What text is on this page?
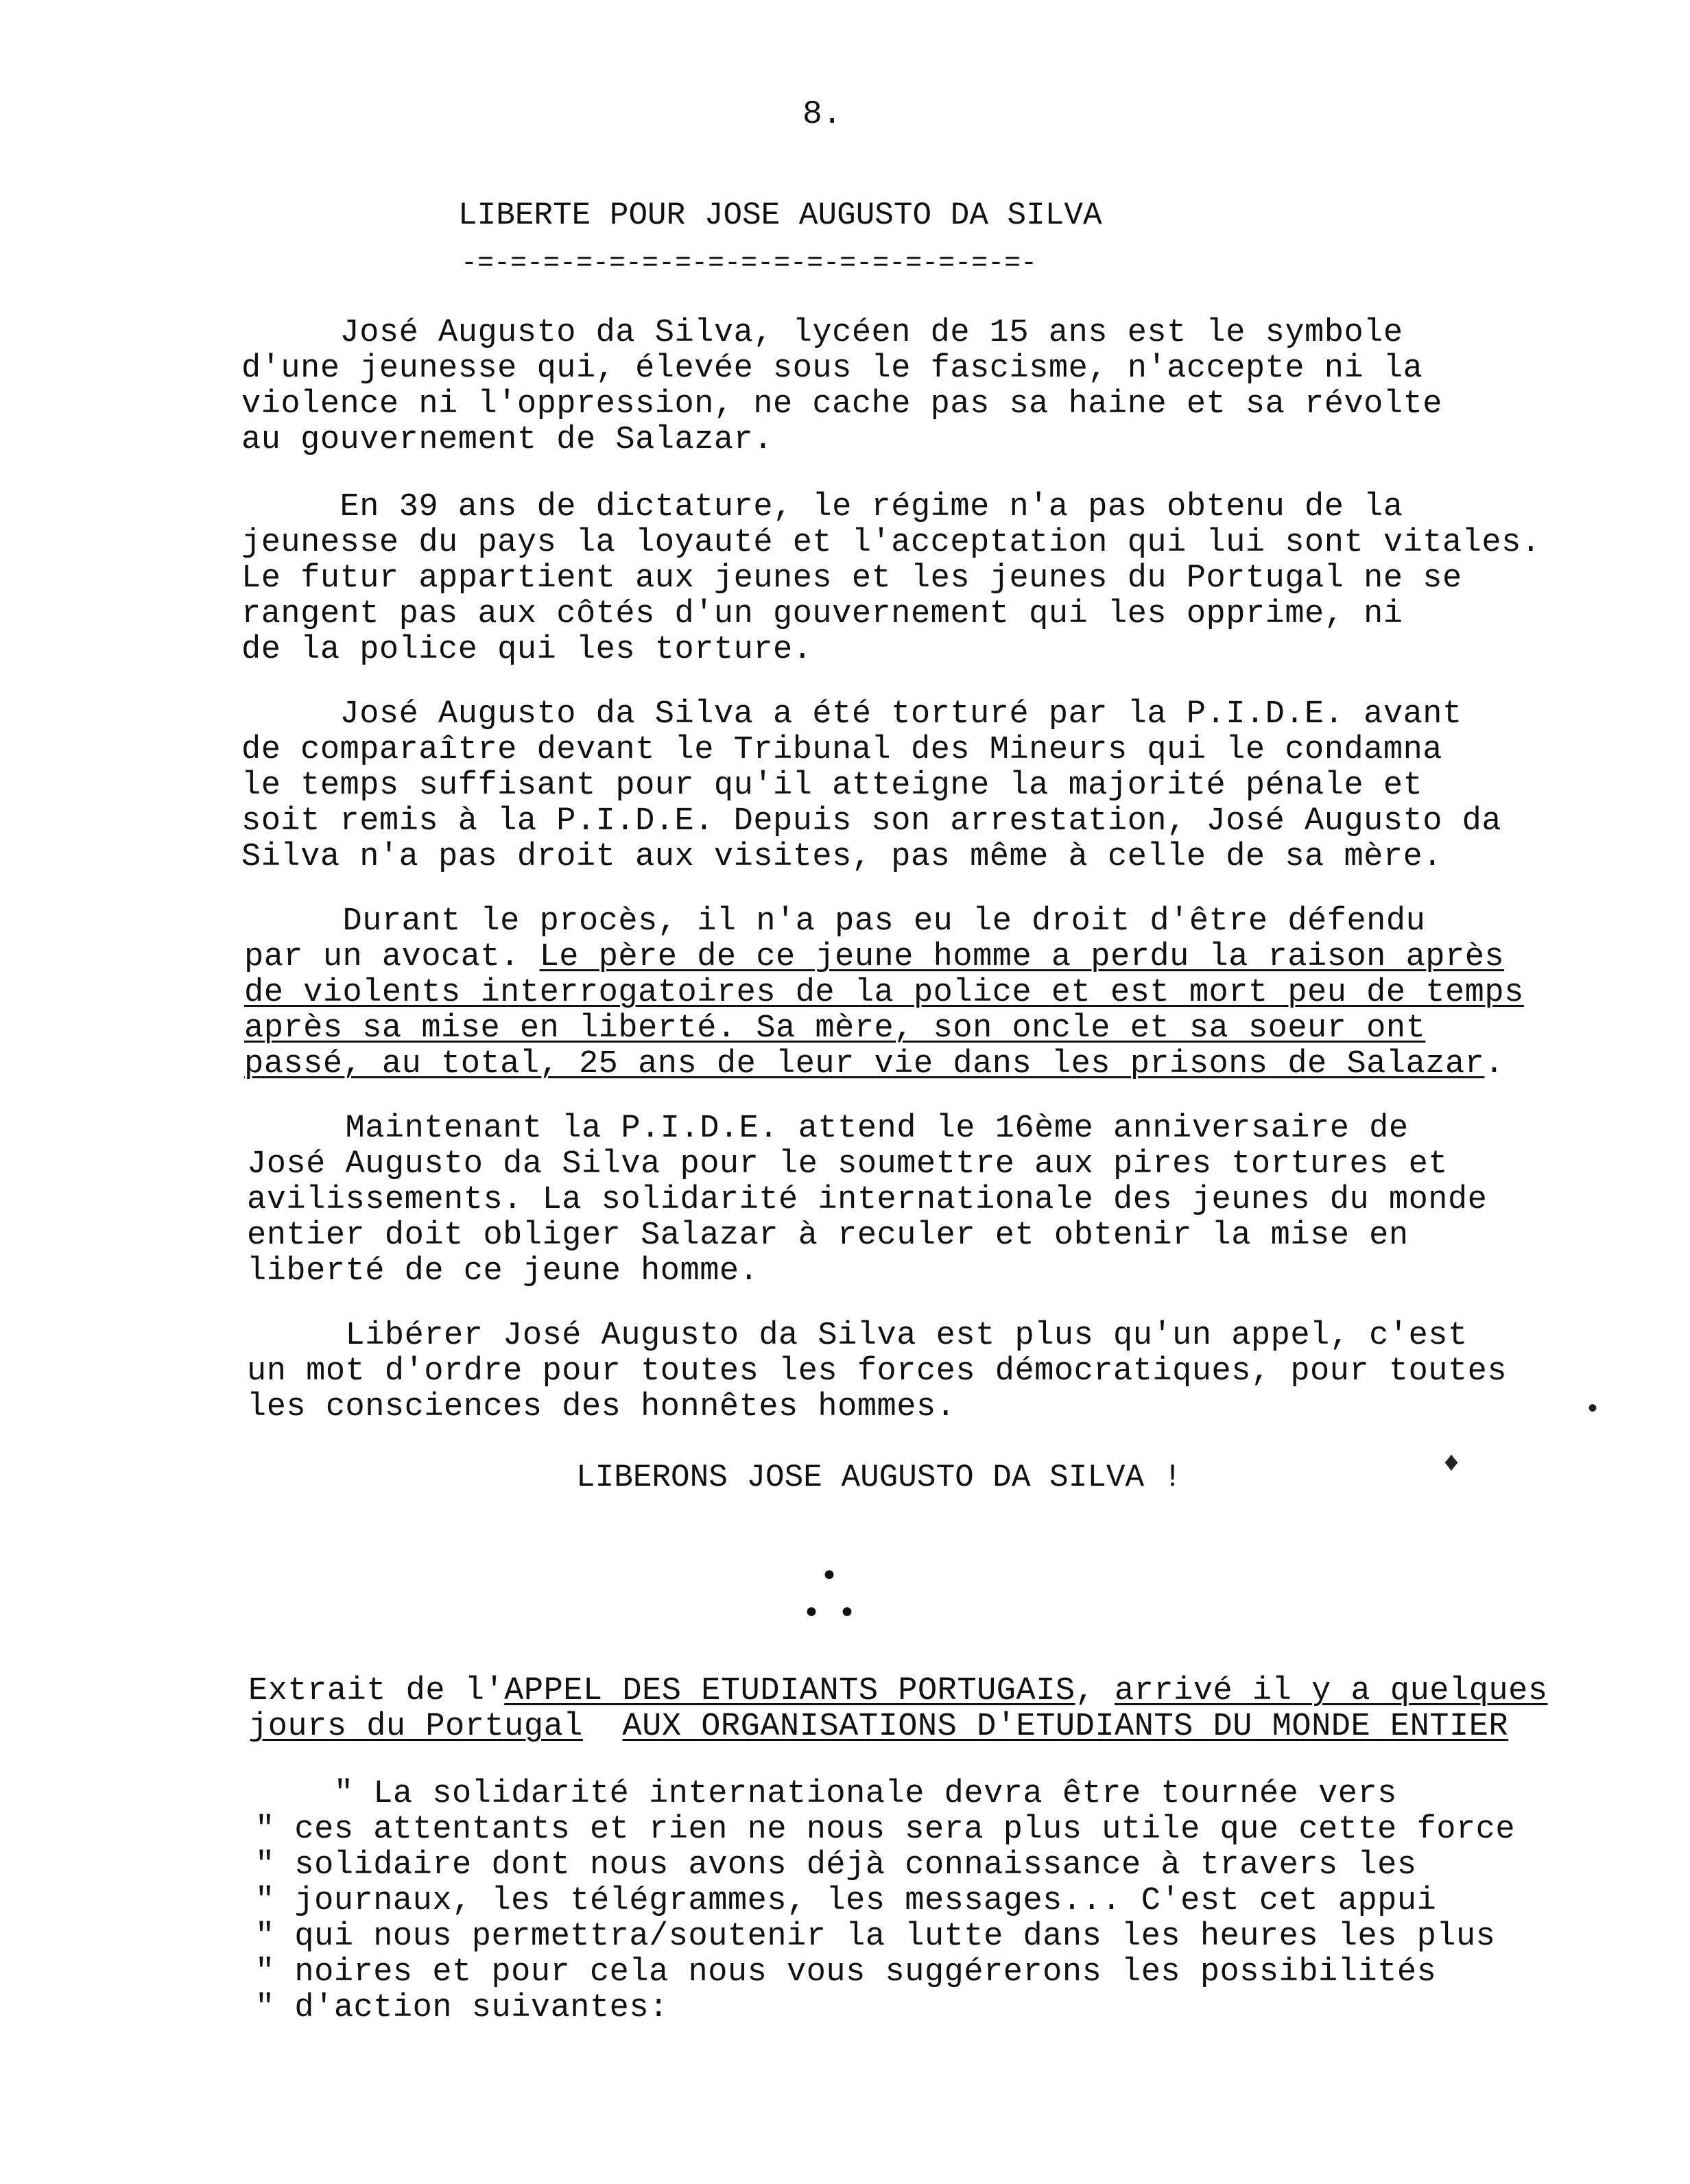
8.
LIBERTE POUR JOSE AUGUSTO DA SILVA
-=-=-=-=-=-=-=-=-=-=-=-=-=-=-=-=-=-
José Augusto da Silva, lycéen de 15 ans est le symbole
d'une jeunesse qui, élevée sous le fascisme, n'accepte ni la
violence ni l'oppression, ne cache pas sa haine et sa révolte
au gouvernement de Salazar.
En 39 ans de dictature, le régime n'a pas obtenu de la
jeunesse du pays la loyauté et l'acceptation qui lui sont vitales.
Le futur appartient aux jeunes et les jeunes du Portugal ne se
rangent pas aux côtés d'un gouvernement qui les opprime, ni
de la police qui les torture.
José Augusto da Silva a été torturé par la P.I.D.E. avant
de comparaître devant le Tribunal des Mineurs qui le condamna
le temps suffisant pour qu'il atteigne la majorité pénale et
soit remis à la P.I.D.E. Depuis son arrestation, José Augusto da
Silva n'a pas droit aux visites, pas même à celle de sa mère.
Durant le procès, il n'a pas eu le droit d'être défendu
par un avocat. Le père de ce jeune homme a perdu la raison après
de violents interrogatoires de la police et est mort peu de temps
après sa mise en liberté. Sa mère, son oncle et sa soeur ont
passé, au total, 25 ans de leur vie dans les prisons de Salazar.
Maintenant la P.I.D.E. attend le 16ème anniversaire de
José Augusto da Silva pour le soumettre aux pires tortures et
avilissements. La solidarité internationale des jeunes du monde
entier doit obliger Salazar à reculer et obtenir la mise en
liberté de ce jeune homme.
Libérer José Augusto da Silva est plus qu'un appel, c'est
un mot d'ordre pour toutes les forces démocratiques, pour toutes
les consciences des honnêtes hommes.
LIBERONS JOSE AUGUSTO DA SILVA !
●
● ●
Extrait de l'APPEL DES ETUDIANTS PORTUGAIS, arrivé il y a quelques
jours du Portugal AUX ORGANISATIONS D'ETUDIANTS DU MONDE ENTIER
" La solidarité internationale devra être tournée vers
" ces attentants et rien ne nous sera plus utile que cette force
" solidaire dont nous avons déjà connaissance à travers les
" journaux, les télégrammes, les messages... C'est cet appui
" qui nous permettra/soutenir la lutte dans les heures les plus
" noires et pour cela nous vous suggérerons les possibilités
" d'action suivantes:
•
♦
